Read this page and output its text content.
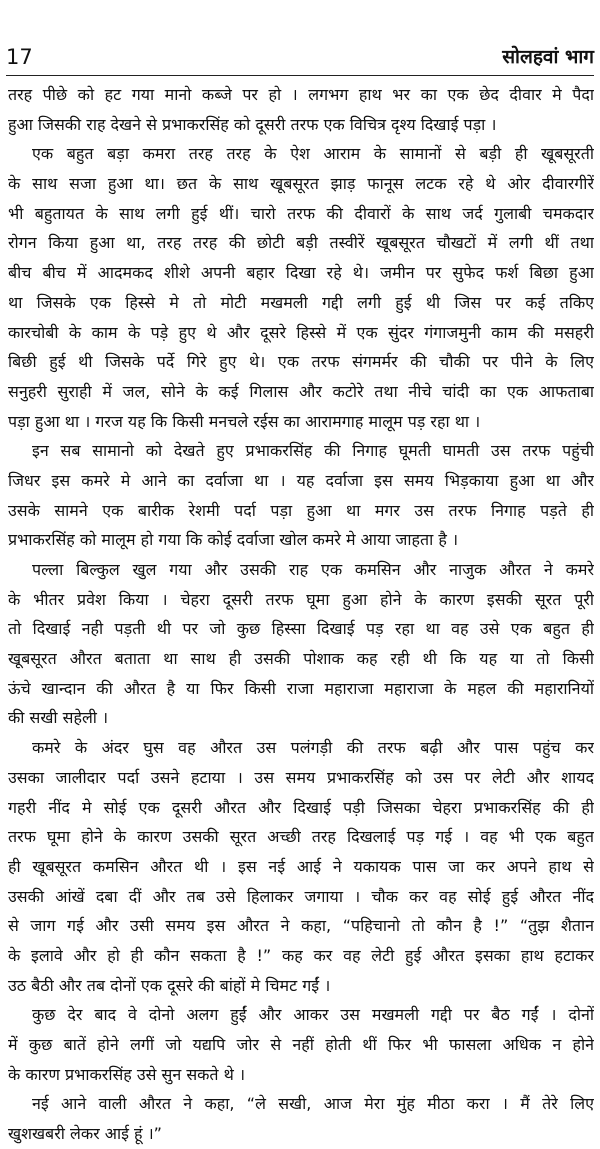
17	सोलहवां भाग
तरह पीछे को हट गया मानो कब्जे पर हो । लगभग हाथ भर का एक छेद दीवार मे पैदा
हुआ जिसकी राह देखने से प्रभाकरसिंह को दूसरी तरफ एक विचित्र दृश्य दिखाई पड़ा ।
एक बहुत बड़ा कमरा तरह तरह के ऐश आराम के सामानों से बड़ी ही खूबसूरती
के साथ सजा हुआ था। छत के साथ खूबसूरत झाड़ फानूस लटक रहे थे ओर दीवारगीरें
भी बहुतायत के साथ लगी हुई थीं। चारो तरफ की दीवारों के साथ जर्द गुलाबी चमकदार
रोगन किया हुआ था, तरह तरह की छोटी बड़ी तस्वीरें खूबसूरत चौखटों में लगी थीं तथा
बीच बीच में आदमकद शीशे अपनी बहार दिखा रहे थे। जमीन पर सुफेद फर्श बिछा हुआ
था जिसके एक हिस्से मे तो मोटी मखमली गद्दी लगी हुई थी जिस पर कई तकिए
कारचोबी के काम के पड़े हुए थे और दूसरे हिस्से में एक सुंदर गंगाजमुनी काम की मसहरी
बिछी हुई थी जिसके पर्दे गिरे हुए थे। एक तरफ संगमर्मर की चौकी पर पीने के लिए
सनुहरी सुराही में जल, सोने के कई गिलास और कटोरे तथा नीचे चांदी का एक आफताबा
पड़ा हुआ था । गरज यह कि किसी मनचले रईस का आरामगाह मालूम पड़ रहा था ।
इन सब सामानो को देखते हुए प्रभाकरसिंह की निगाह घूमती घामती उस तरफ पहुंची
जिधर इस कमरे मे आने का दर्वाजा था । यह दर्वाजा इस समय भिड़काया हुआ था और
उसके सामने एक बारीक रेशमी पर्दा पड़ा हुआ था मगर उस तरफ निगाह पड़ते ही
प्रभाकरसिंह को मालूम हो गया कि कोई दर्वाजा खोल कमरे मे आया जाहता है ।
पल्ला बिल्कुल खुल गया और उसकी राह एक कमसिन और नाजुक औरत ने कमरे
के भीतर प्रवेश किया । चेहरा दूसरी तरफ घूमा हुआ होने के कारण इसकी सूरत पूरी
तो दिखाई नही पड़ती थी पर जो कुछ हिस्सा दिखाई पड़ रहा था वह उसे एक बहुत ही
खूबसूरत औरत बताता था साथ ही उसकी पोशाक कह रही थी कि यह या तो किसी
ऊंचे खान्दान की औरत है या फिर किसी राजा महाराजा महाराजा के महल की महारानियों
की सखी सहेली ।
कमरे के अंदर घुस वह औरत उस पलंगड़ी की तरफ बढ़ी और पास पहुंच कर
उसका जालीदार पर्दा उसने हटाया । उस समय प्रभाकरसिंह को उस पर लेटी और शायद
गहरी नींद मे सोई एक दूसरी औरत और दिखाई पड़ी जिसका चेहरा प्रभाकरसिंह की ही
तरफ घूमा होने के कारण उसकी सूरत अच्छी तरह दिखलाई पड़ गई । वह भी एक बहुत
ही खूबसूरत कमसिन औरत थी । इस नई आई ने यकायक पास जा कर अपने हाथ से
उसकी आंखें दबा दीं और तब उसे हिलाकर जगाया । चौक कर वह सोई हुई औरत नींद
से जाग गई और उसी समय इस औरत ने कहा, “पहिचानो तो कौन है !” “तुझ शैतान
के इलावे और हो ही कौन सकता है !” कह कर वह लेटी हुई औरत इसका हाथ हटाकर
उठ बैठी और तब दोनों एक दूसरे की बांहों मे चिमट गईं ।
कुछ देर बाद वे दोनो अलग हुईं और आकर उस मखमली गद्दी पर बैठ गईं । दोनों
में कुछ बातें होने लगीं जो यद्यपि जोर से नहीं होती थीं फिर भी फासला अधिक न होने
के कारण प्रभाकरसिंह उसे सुन सकते थे ।
नई आने वाली औरत ने कहा, “ले सखी, आज मेरा मुंह मीठा करा । मैं तेरे लिए
खुशखबरी लेकर आई हूं ।”
